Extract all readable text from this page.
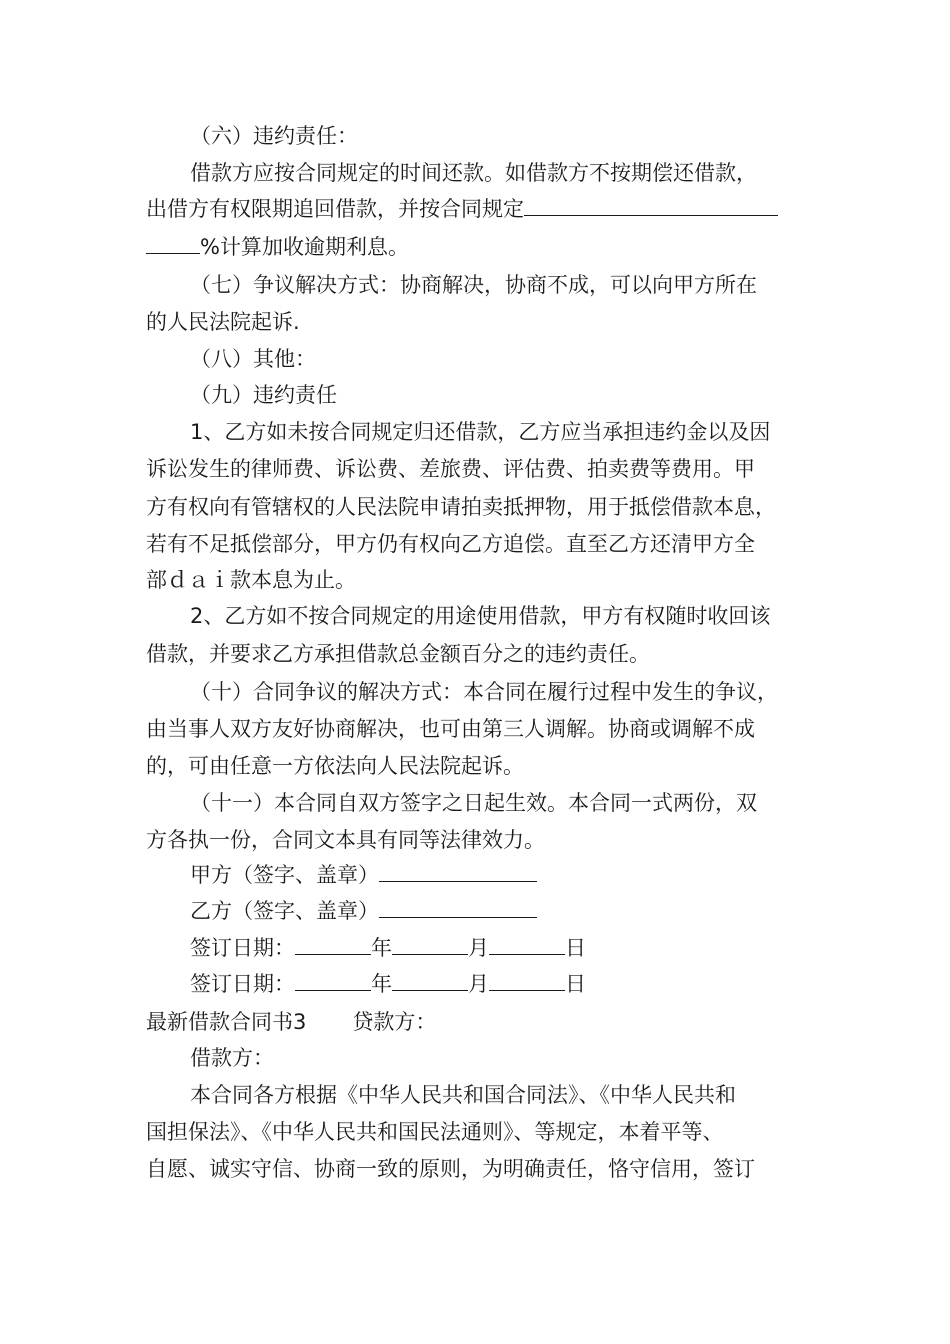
（六）违约责任：
借款方应按合同规定的时间还款。如借款方不按期偿还借款，
出借方有权限期追回借款，并按合同规定
%计算加收逾期利息。
（七）争议解决方式：协商解决，协商不成，可以向甲方所在
的人民法院起诉.
（八）其他：
（九）违约责任
1、乙方如未按合同规定归还借款，乙方应当承担违约金以及因
诉讼发生的律师费、诉讼费、差旅费、评估费、拍卖费等费用。甲
方有权向有管辖权的人民法院申请拍卖抵押物，用于抵偿借款本息，
若有不足抵偿部分，甲方仍有权向乙方追偿。直至乙方还清甲方全
部ｄａｉ款本息为止。
2、乙方如不按合同规定的用途使用借款，甲方有权随时收回该
借款，并要求乙方承担借款总金额百分之的违约责任。
（十）合同争议的解决方式：本合同在履行过程中发生的争议，
由当事人双方友好协商解决，也可由第三人调解。协商或调解不成
的，可由任意一方依法向人民法院起诉。
（十一）本合同自双方签字之日起生效。本合同一式两份，双
方各执一份，合同文本具有同等法律效力。
甲方（签字、盖章）
乙方（签字、盖章）
签订日期：	年	月	日
签订日期：	年	月	日
最新借款合同书3 贷款方：
借款方：
本合同各方根据《中华人民共和国合同法》、《中华人民共和
国担保法》、《中华人民共和国民法通则》、等规定，本着平等、
自愿、诚实守信、协商一致的原则，为明确责任，恪守信用，签订
